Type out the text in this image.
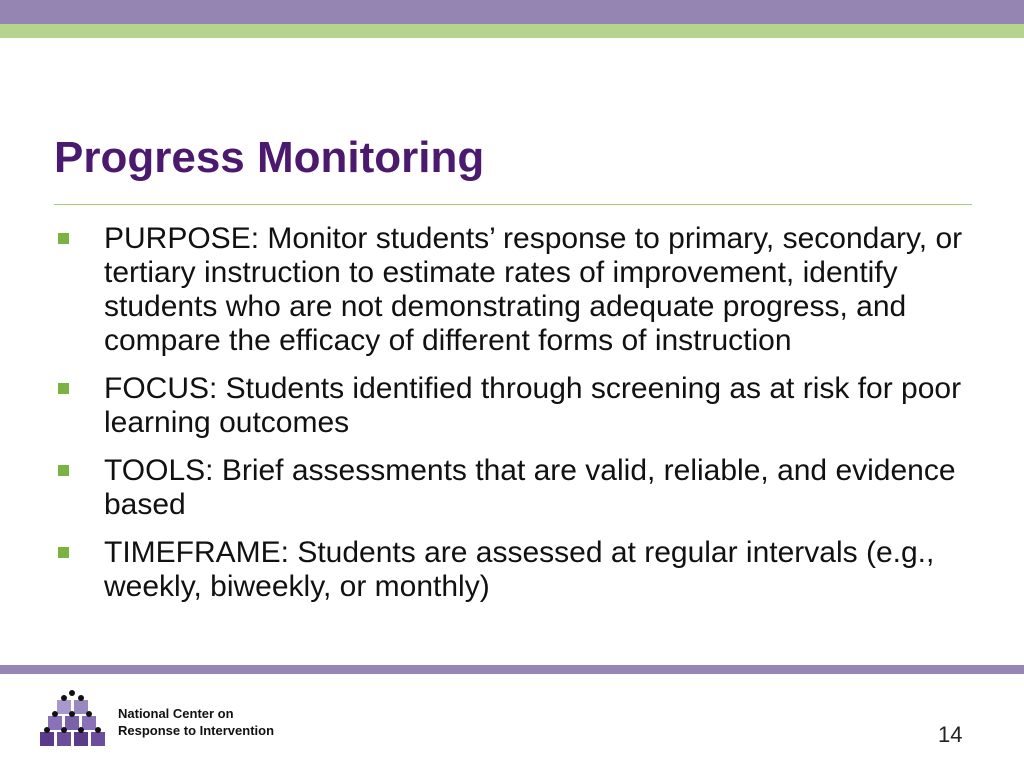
Progress Monitoring
PURPOSE: Monitor students’ response to primary, secondary, or tertiary instruction to estimate rates of improvement, identify students who are not demonstrating adequate progress, and compare the efficacy of different forms of instruction
FOCUS: Students identified through screening as at risk for poor learning outcomes
TOOLS: Brief assessments that are valid, reliable, and evidence based
TIMEFRAME: Students are assessed at regular intervals (e.g., weekly, biweekly, or monthly)
National Center on
Response to Intervention	14
